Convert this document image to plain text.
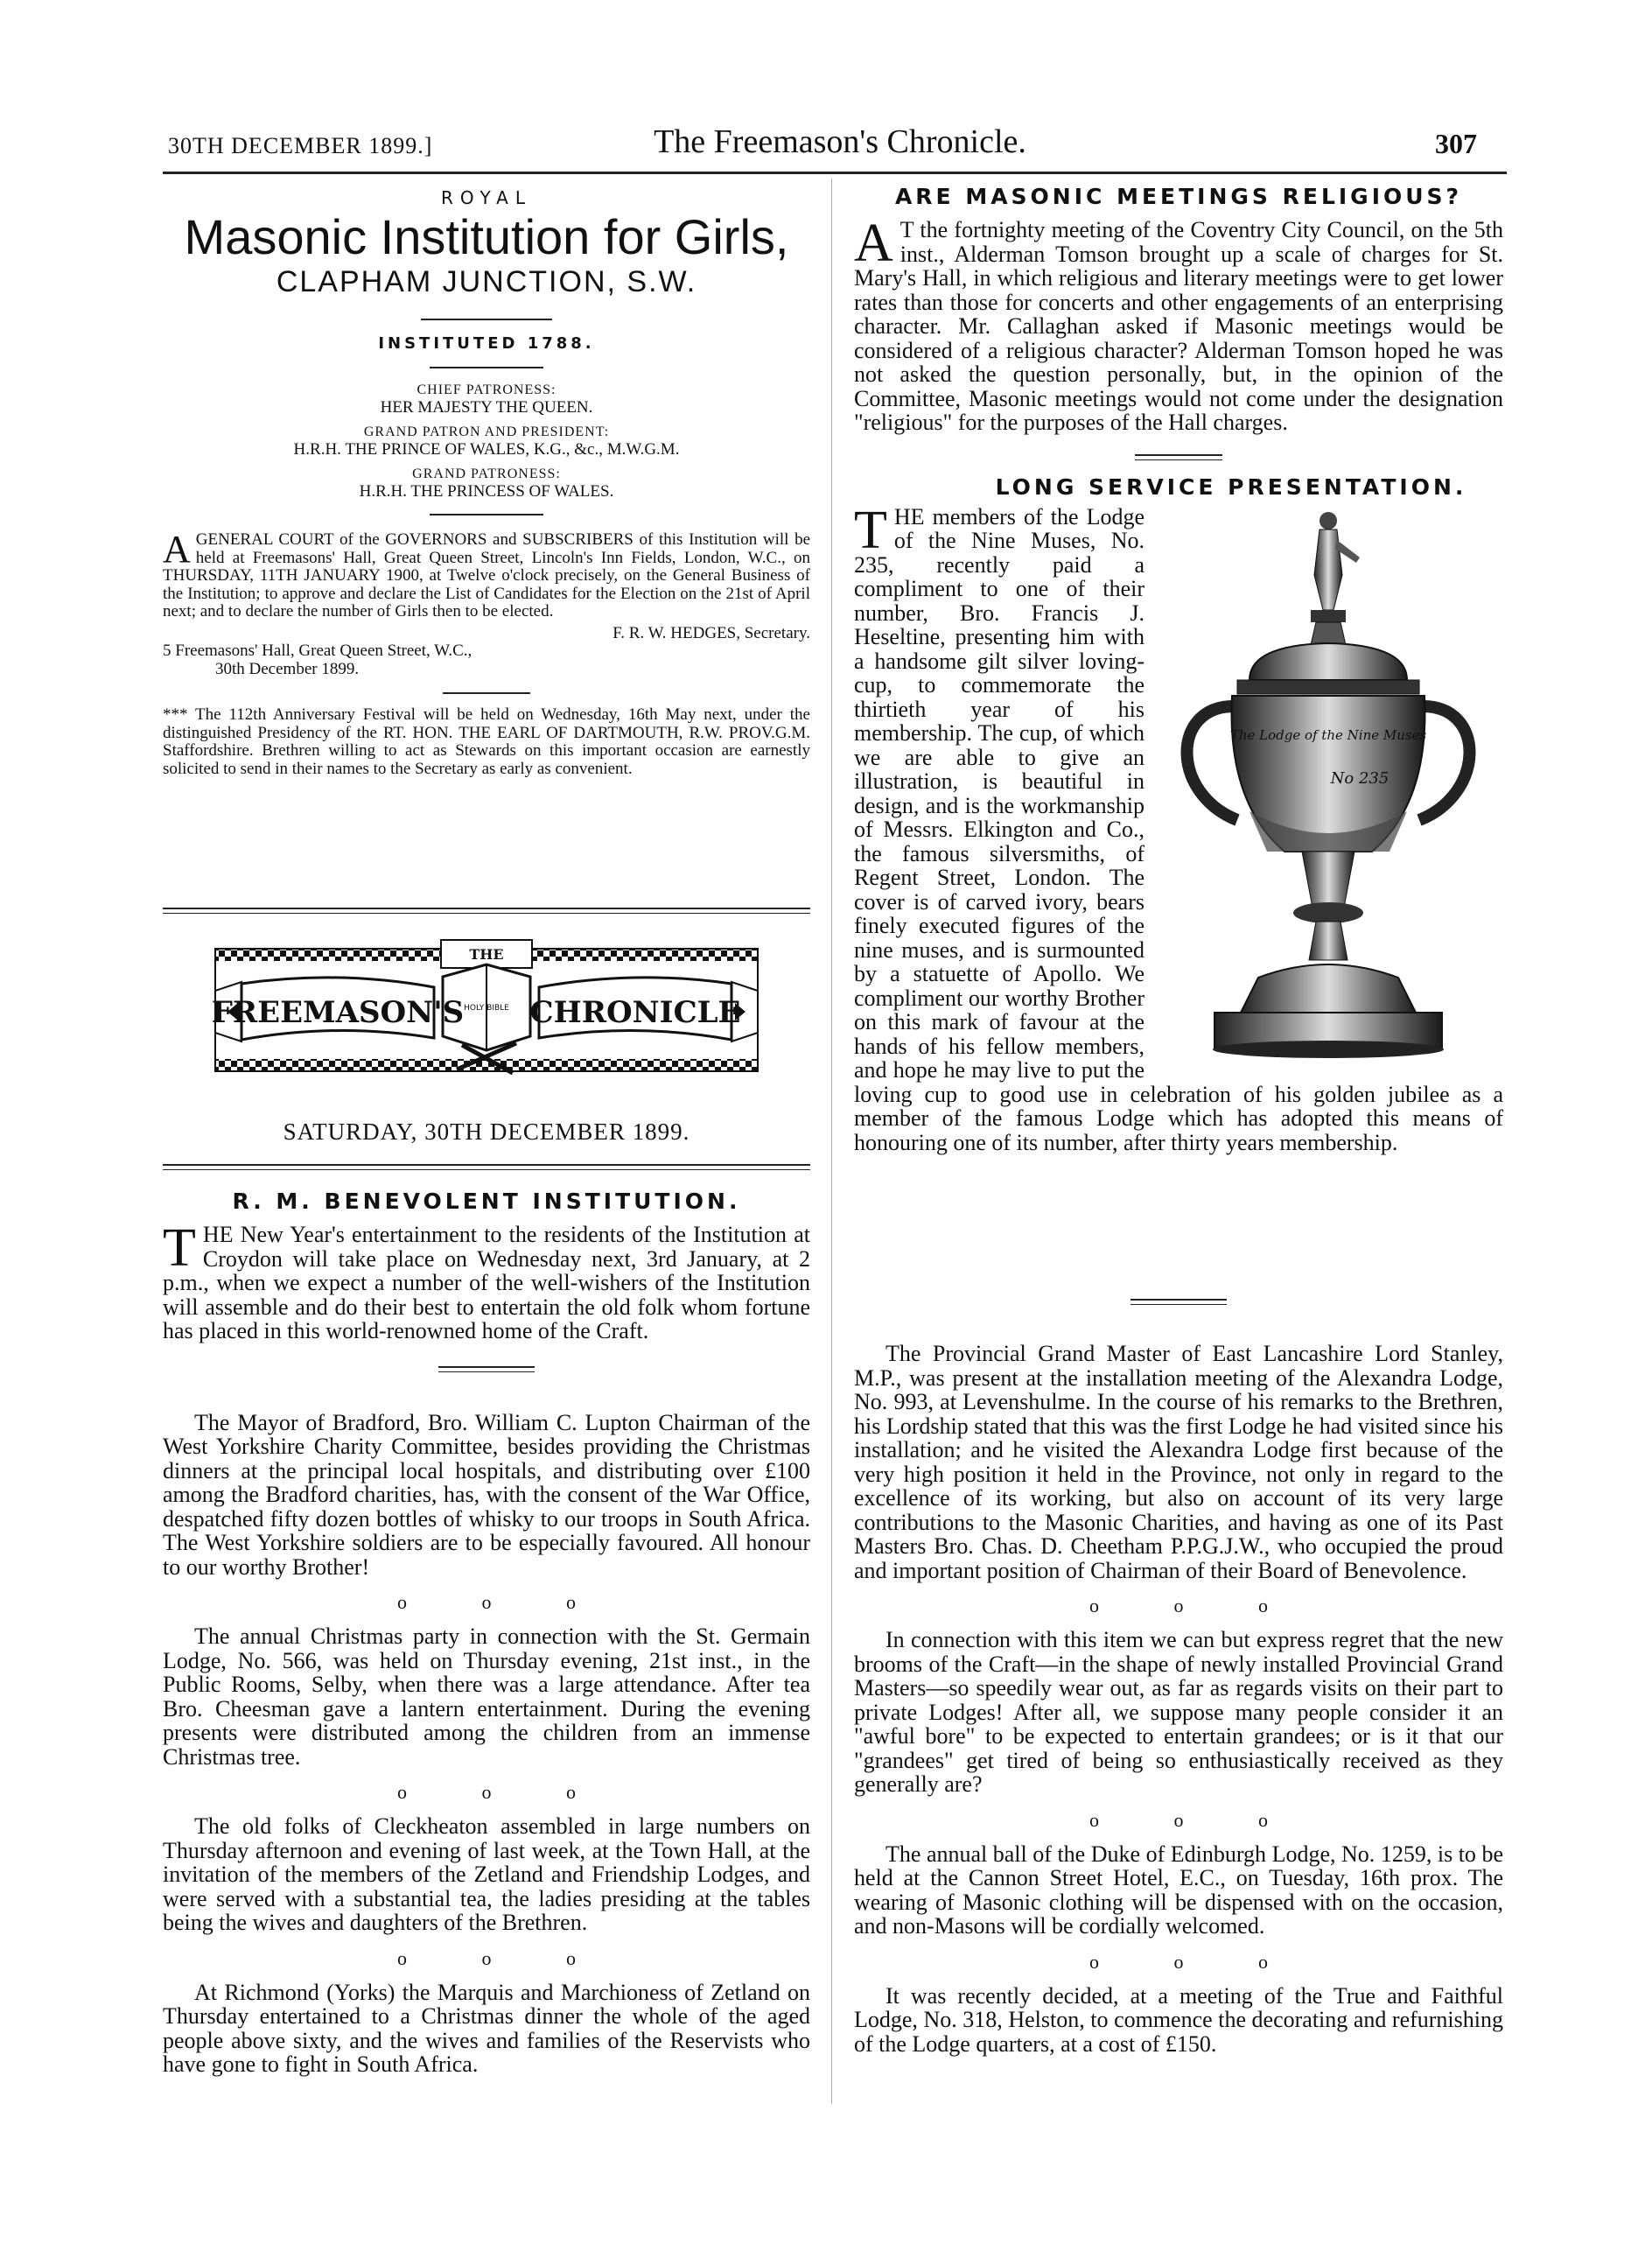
30TH DECEMBER 1899.]	The Freemason's Chronicle.	307
ROYAL
Masonic Institution for Girls,
CLAPHAM JUNCTION, S.W.
INSTITUTED 1788.
CHIEF PATRONESS:
HER MAJESTY THE QUEEN.
GRAND PATRON AND PRESIDENT:
H.R.H. THE PRINCE OF WALES, K.G., &c., M.W.G.M.
GRAND PATRONESS:
H.R.H. THE PRINCESS OF WALES.

AGENERAL COURT of the GOVERNORS and SUBSCRIBERS of this Institution will be held at Freemasons' Hall, Great Queen Street, Lincoln's Inn Fields, London, W.C., on THURSDAY, 11TH JANUARY 1900, at Twelve o'clock precisely, on the General Business of the Institution; to approve and declare the List of Candidates for the Election on the 21st of April next; and to declare the number of Girls then to be elected.

F. R. W. HEDGES, Secretary.
5 Freemasons' Hall, Great Queen Street, W.C.,
30th December 1899.

*** The 112th Anniversary Festival will be held on Wednesday, 16th May next, under the distinguished Presidency of the RT. HON. THE EARL OF DARTMOUTH, R.W. PROV.G.M. Staffordshire. Brethren willing to act as Stewards on this important occasion are earnestly solicited to send in their names to the Secretary as early as convenient.

FREEMASON'S CHRONICLE
THE
HOLY BIBLE
SATURDAY, 30TH DECEMBER 1899.
R. M. BENEVOLENT INSTITUTION.

THE New Year's entertainment to the residents of the Institution at Croydon will take place on Wednesday next, 3rd January, at 2 p.m., when we expect a number of the well-wishers of the Institution will assemble and do their best to entertain the old folk whom fortune has placed in this world-renowned home of the Craft.

The Mayor of Bradford, Bro. William C. Lupton Chairman of the West Yorkshire Charity Committee, besides providing the Christmas dinners at the principal local hospitals, and distributing over £100 among the Bradford charities, has, with the consent of the War Office, despatched fifty dozen bottles of whisky to our troops in South Africa. The West Yorkshire soldiers are to be especially favoured. All honour to our worthy Brother!

o o o

The annual Christmas party in connection with the St. Germain Lodge, No. 566, was held on Thursday evening, 21st inst., in the Public Rooms, Selby, when there was a large attendance. After tea Bro. Cheesman gave a lantern entertainment. During the evening presents were distributed among the children from an immense Christmas tree.

o o o

The old folks of Cleckheaton assembled in large numbers on Thursday afternoon and evening of last week, at the Town Hall, at the invitation of the members of the Zetland and Friendship Lodges, and were served with a substantial tea, the ladies presiding at the tables being the wives and daughters of the Brethren.

o o o

At Richmond (Yorks) the Marquis and Marchioness of Zetland on Thursday entertained to a Christmas dinner the whole of the aged people above sixty, and the wives and families of the Reservists who have gone to fight in South Africa.

ARE MASONIC MEETINGS RELIGIOUS?

A T the fortnighty meeting of the Coventry City Council, on the 5th inst., Alderman Tomson brought up a scale of charges for St. Mary's Hall, in which religious and literary meetings were to get lower rates than those for concerts and other engagements of an enterprising character. Mr. Callaghan asked if Masonic meetings would be considered of a religious character? Alderman Tomson hoped he was not asked the question personally, but, in the opinion of the Committee, Masonic meetings would not come under the designation "religious" for the purposes of the Hall charges.

LONG SERVICE PRESENTATION.
The Lodge of the Nine Muses
No 235

THE members of the Lodge of the Nine Muses, No. 235, recently paid a compliment to one of their number, Bro. Francis J. Heseltine, presenting him with a handsome gilt silver loving-cup, to commemorate the thirtieth year of his membership. The cup, of which we are able to give an illustration, is beautiful in design, and is the workmanship of Messrs. Elkington and Co., the famous silversmiths, of Regent Street, London. The cover is of carved ivory, bears finely executed figures of the nine muses, and is surmounted by a statuette of Apollo. We compliment our worthy Brother on this mark of favour at the hands of his fellow members, and hope he may live to put the loving cup to good use in celebration of his golden jubilee as a member of the famous Lodge which has adopted this means of honouring one of its number, after thirty years membership.

The Provincial Grand Master of East Lancashire Lord Stanley, M.P., was present at the installation meeting of the Alexandra Lodge, No. 993, at Levenshulme. In the course of his remarks to the Brethren, his Lordship stated that this was the first Lodge he had visited since his installation; and he visited the Alexandra Lodge first because of the very high position it held in the Province, not only in regard to the excellence of its working, but also on account of its very large contributions to the Masonic Charities, and having as one of its Past Masters Bro. Chas. D. Cheetham P.P.G.J.W., who occupied the proud and important position of Chairman of their Board of Benevolence.

o o o

In connection with this item we can but express regret that the new brooms of the Craft—in the shape of newly installed Provincial Grand Masters—so speedily wear out, as far as regards visits on their part to private Lodges! After all, we suppose many people consider it an "awful bore" to be expected to entertain grandees; or is it that our "grandees" get tired of being so enthusiastically received as they generally are?

o o o

The annual ball of the Duke of Edinburgh Lodge, No. 1259, is to be held at the Cannon Street Hotel, E.C., on Tuesday, 16th prox. The wearing of Masonic clothing will be dispensed with on the occasion, and non-Masons will be cordially welcomed.

o o o

It was recently decided, at a meeting of the True and Faithful Lodge, No. 318, Helston, to commence the decorating and refurnishing of the Lodge quarters, at a cost of £150.
